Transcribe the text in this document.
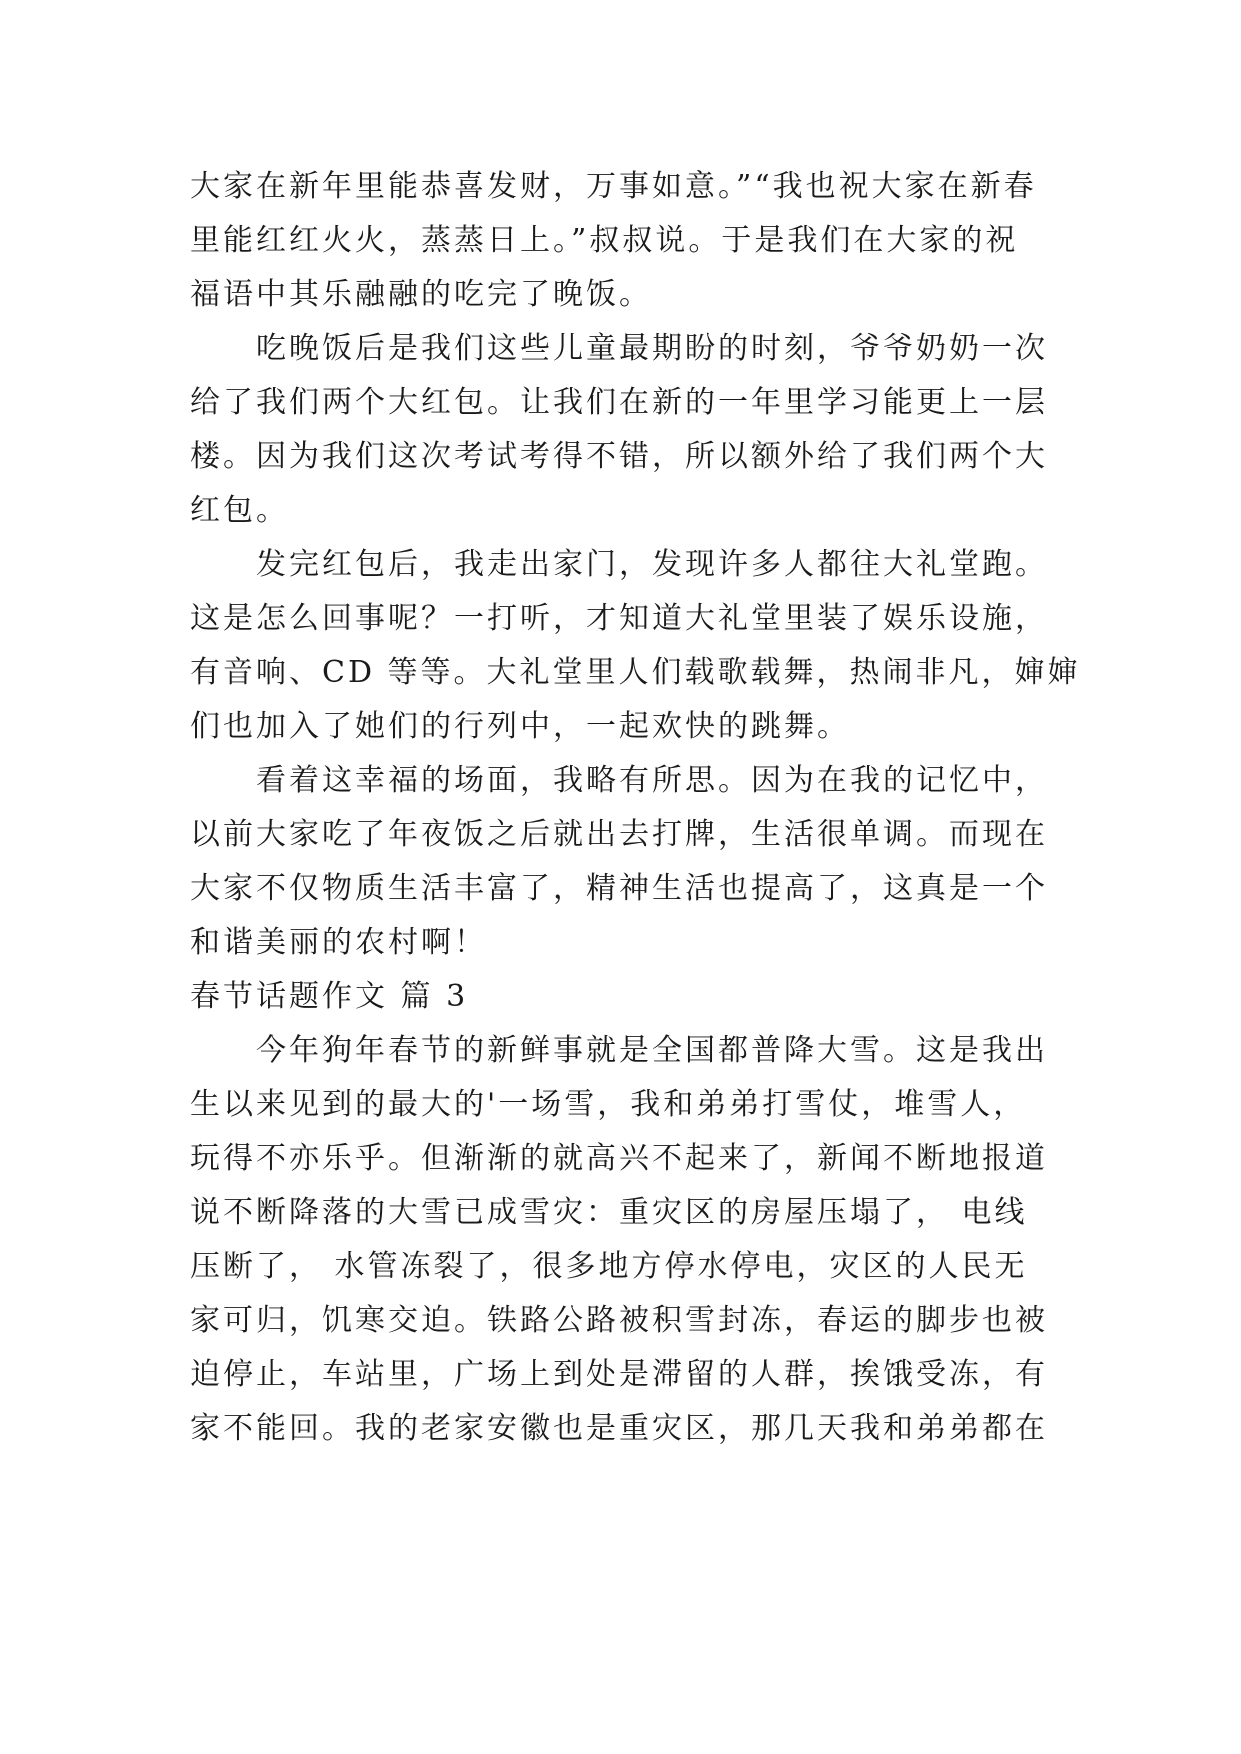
大家在新年里能恭喜发财，万事如意。”“我也祝大家在新春
里能红红火火，蒸蒸日上。”叔叔说。于是我们在大家的祝
福语中其乐融融的吃完了晚饭。
　　吃晚饭后是我们这些儿童最期盼的时刻，爷爷奶奶一次
给了我们两个大红包。让我们在新的一年里学习能更上一层
楼。因为我们这次考试考得不错，所以额外给了我们两个大
红包。
　　发完红包后，我走出家门，发现许多人都往大礼堂跑。
这是怎么回事呢？一打听，才知道大礼堂里装了娱乐设施，
有音响、CD 等等。大礼堂里人们载歌载舞，热闹非凡，婶婶
们也加入了她们的行列中，一起欢快的跳舞。
　　看着这幸福的场面，我略有所思。因为在我的记忆中，
以前大家吃了年夜饭之后就出去打牌，生活很单调。而现在
大家不仅物质生活丰富了，精神生活也提高了，这真是一个
和谐美丽的农村啊！
春节话题作文 篇 3
　　今年狗年春节的新鲜事就是全国都普降大雪。这是我出
生以来见到的最大的'一场雪，我和弟弟打雪仗，堆雪人，
玩得不亦乐乎。但渐渐的就高兴不起来了，新闻不断地报道
说不断降落的大雪已成雪灾：重灾区的房屋压塌了， 电线
压断了， 水管冻裂了，很多地方停水停电，灾区的人民无
家可归，饥寒交迫。铁路公路被积雪封冻，春运的脚步也被
迫停止，车站里，广场上到处是滞留的人群，挨饿受冻，有
家不能回。我的老家安徽也是重灾区，那几天我和弟弟都在
